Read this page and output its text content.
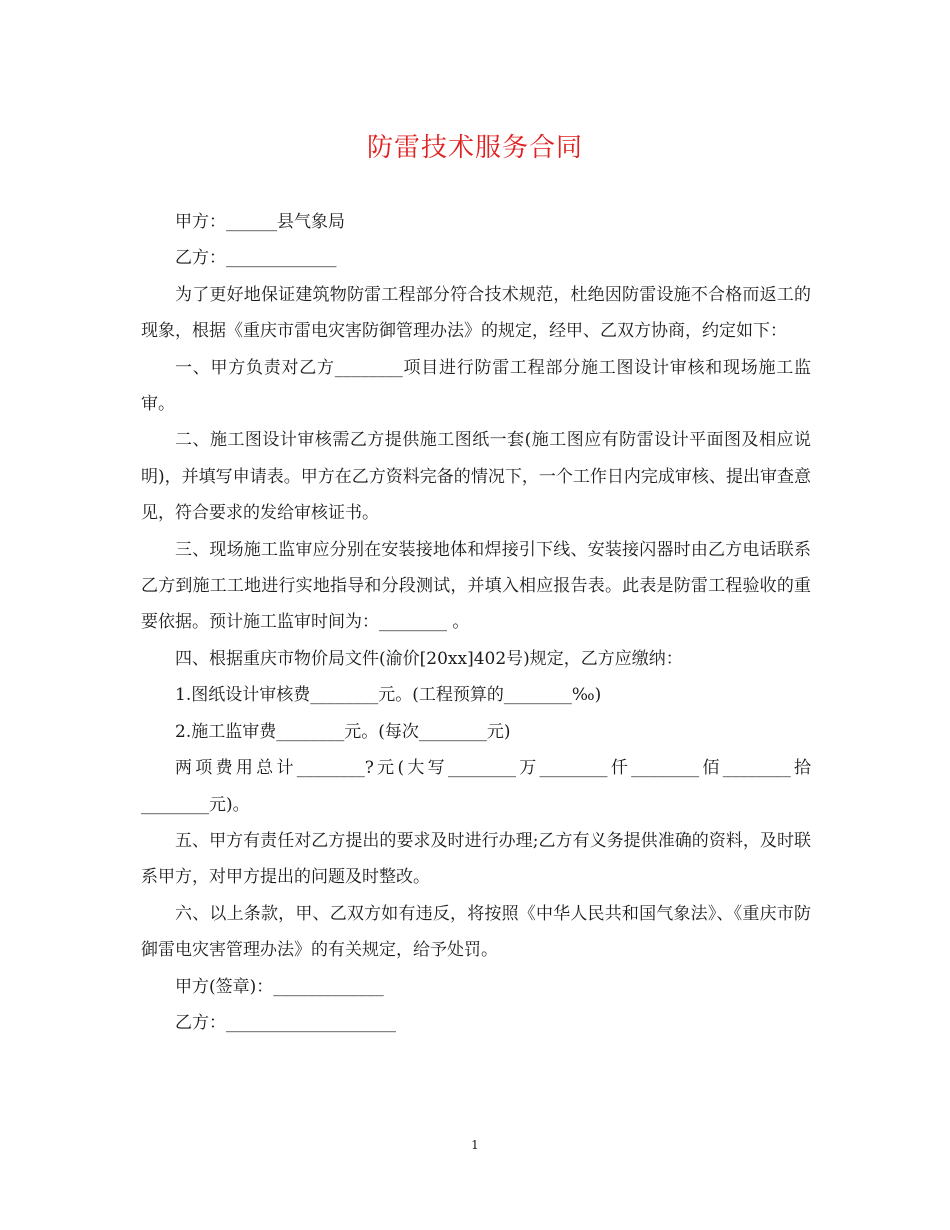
防雷技术服务合同

甲方：______县气象局

乙方：_____________

为了更好地保证建筑物防雷工程部分符合技术规范，杜绝因防雷设施不合格而返工的现象，根据《重庆市雷电灾害防御管理办法》的规定，经甲、乙双方协商，约定如下：

一、甲方负责对乙方________项目进行防雷工程部分施工图设计审核和现场施工监审。

二、施工图设计审核需乙方提供施工图纸一套(施工图应有防雷设计平面图及相应说明)，并填写申请表。甲方在乙方资料完备的情况下，一个工作日内完成审核、提出审查意见，符合要求的发给审核证书。

三、现场施工监审应分别在安装接地体和焊接引下线、安装接闪器时由乙方电话联系乙方到施工工地进行实地指导和分段测试，并填入相应报告表。此表是防雷工程验收的重要依据。预计施工监审时间为：________ 。

四、根据重庆市物价局文件(渝价[20xx]402号)规定，乙方应缴纳：

1.图纸设计审核费________元。(工程预算的________‰)

2.施工监审费________元。(每次________元)

两项费用总计________?元(大写________万________仟________佰________拾________元)。

五、甲方有责任对乙方提出的要求及时进行办理;乙方有义务提供准确的资料，及时联系甲方，对甲方提出的问题及时整改。

六、以上条款，甲、乙双方如有违反，将按照《中华人民共和国气象法》、《重庆市防御雷电灾害管理办法》的有关规定，给予处罚。

甲方(签章)：_____________

乙方：____________________

1
